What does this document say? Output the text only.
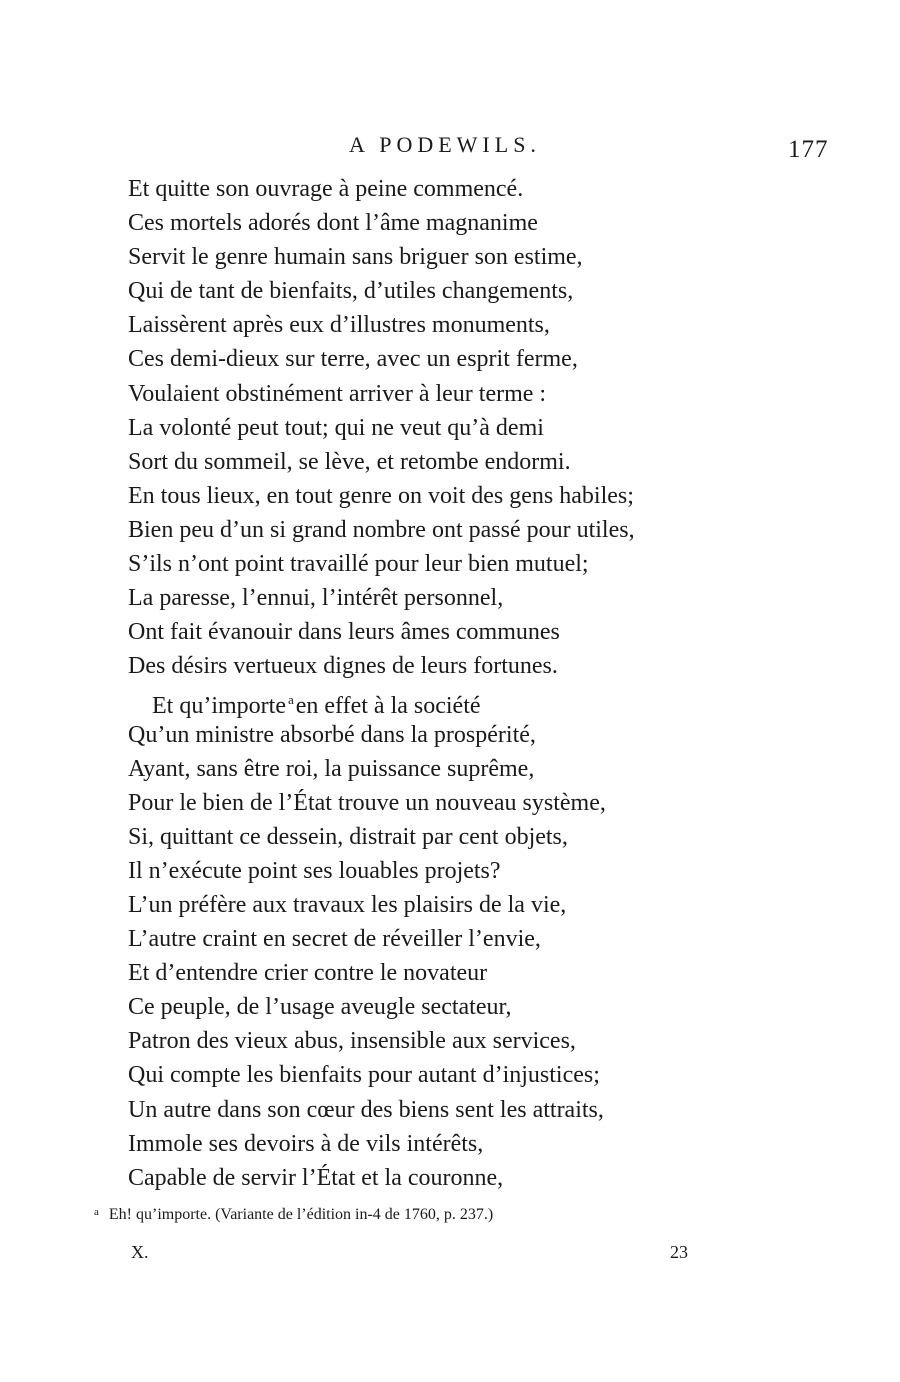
A PODEWILS.	177
Et quitte son ouvrage à peine commencé.
Ces mortels adorés dont l’âme magnanime
Servit le genre humain sans briguer son estime,
Qui de tant de bienfaits, d’utiles changements,
Laissèrent après eux d’illustres monuments,
Ces demi-dieux sur terre, avec un esprit ferme,
Voulaient obstinément arriver à leur terme :
La volonté peut tout; qui ne veut qu’à demi
Sort du sommeil, se lève, et retombe endormi.
En tous lieux, en tout genre on voit des gens habiles;
Bien peu d’un si grand nombre ont passé pour utiles,
S’ils n’ont point travaillé pour leur bien mutuel;
La paresse, l’ennui, l’intérêt personnel,
Ont fait évanouir dans leurs âmes communes
Des désirs vertueux dignes de leurs fortunes.
Et qu’importe $^a$en effet à la société
Qu’un ministre absorbé dans la prospérité,
Ayant, sans être roi, la puissance suprême,
Pour le bien de l’État trouve un nouveau système,
Si, quittant ce dessein, distrait par cent objets,
Il n’exécute point ses louables projets?
L’un préfère aux travaux les plaisirs de la vie,
L’autre craint en secret de réveiller l’envie,
Et d’entendre crier contre le novateur
Ce peuple, de l’usage aveugle sectateur,
Patron des vieux abus, insensible aux services,
Qui compte les bienfaits pour autant d’injustices;
Un autre dans son cœur des biens sent les attraits,
Immole ses devoirs à de vils intérêts,
Capable de servir l’État et la couronne,
$^a$ Eh! qu’importe. (Variante de l’édition in-4 de 1760, p. 237.)
X.	23
